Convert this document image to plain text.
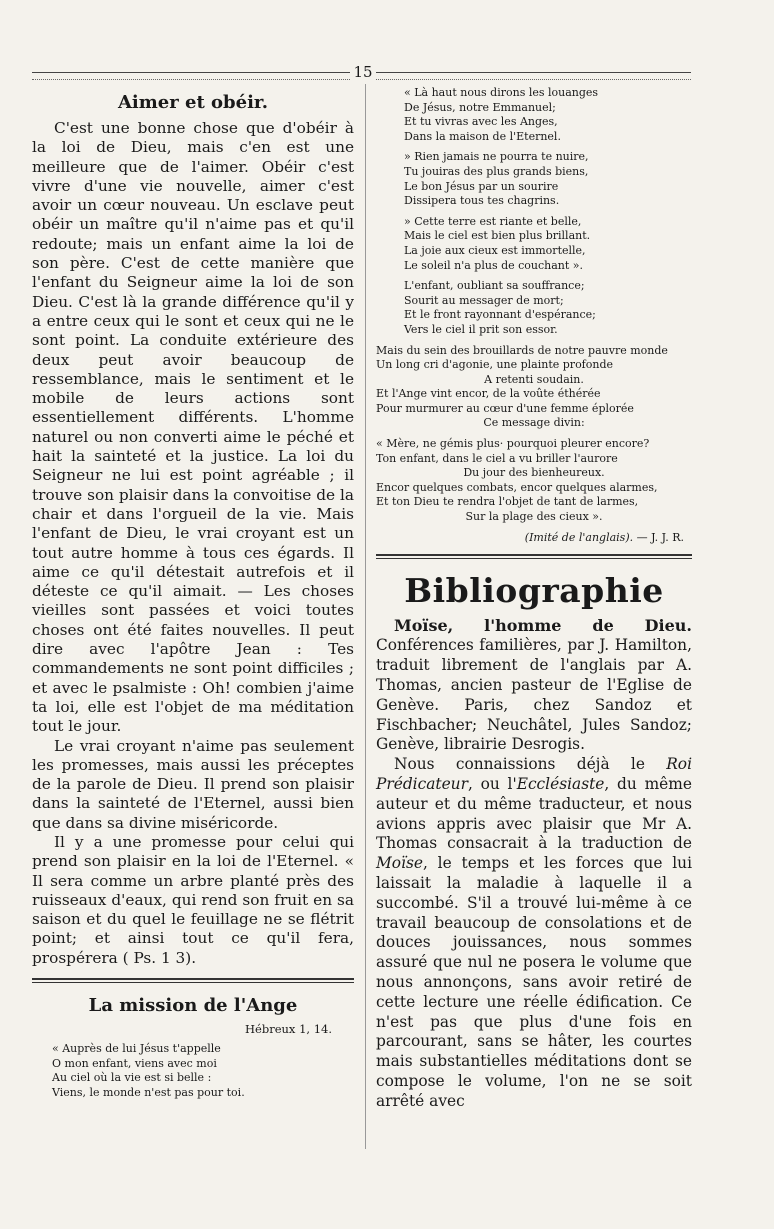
15
Aimer et obéir.

C'est une bonne chose que d'obéir à la loi de Dieu, mais c'en est une meilleure que de l'aimer. Obéir c'est vivre d'une vie nouvelle, aimer c'est avoir un cœur nouveau. Un esclave peut obéir un maître qu'il n'aime pas et qu'il redoute; mais un enfant aime la loi de son père. C'est de cette manière que l'enfant du Seigneur aime la loi de son Dieu. C'est là la grande différence qu'il y a entre ceux qui le sont et ceux qui ne le sont point. La conduite extérieure des deux peut avoir beaucoup de ressemblance, mais le sentiment et le mobile de leurs actions sont essentiellement différents. L'homme naturel ou non converti aime le péché et hait la sainteté et la justice. La loi du Seigneur ne lui est point agréable ; il trouve son plaisir dans la convoitise de la chair et dans l'orgueil de la vie. Mais l'enfant de Dieu, le vrai croyant est un tout autre homme à tous ces égards. Il aime ce qu'il détestait autrefois et il déteste ce qu'il aimait. — Les choses vieilles sont passées et voici toutes choses ont été faites nouvelles. Il peut dire avec l'apôtre Jean : Tes commandements ne sont point difficiles ; et avec le psalmiste : Oh! combien j'aime ta loi, elle est l'objet de ma méditation tout le jour.

Le vrai croyant n'aime pas seulement les promesses, mais aussi les préceptes de la parole de Dieu. Il prend son plaisir dans la sainteté de l'Eternel, aussi bien que dans sa divine miséricorde.

Il y a une promesse pour celui qui prend son plaisir en la loi de l'Eternel. « Il sera comme un arbre planté près des ruisseaux d'eaux, qui rend son fruit en sa saison et du quel le feuillage ne se flétrit point; et ainsi tout ce qu'il fera, prospérera ( Ps. 1 3).

La mission de l'Ange
Hébreux 1, 14.
« Auprès de lui Jésus t'appelle
O mon enfant, viens avec moi
Au ciel où la vie est si belle :
Viens, le monde n'est pas pour toi.
« Là haut nous dirons les louanges
De Jésus, notre Emmanuel;
Et tu vivras avec les Anges,
Dans la maison de l'Eternel.
» Rien jamais ne pourra te nuire,
Tu jouiras des plus grands biens,
Le bon Jésus par un sourire
Dissipera tous tes chagrins.
» Cette terre est riante et belle,
Mais le ciel est bien plus brillant.
La joie aux cieux est immortelle,
Le soleil n'a plus de couchant ».
L'enfant, oubliant sa souffrance;
Sourit au messager de mort;
Et le front rayonnant d'espérance;
Vers le ciel il prit son essor.
Mais du sein des brouillards de notre pauvre monde
Un long cri d'agonie, une plainte profonde
A retenti soudain.
Et l'Ange vint encor, de la voûte éthérée
Pour murmurer au cœur d'une femme éplorée
Ce message divin:
« Mère, ne gémis plus· pourquoi pleurer encore?
Ton enfant, dans le ciel a vu briller l'aurore
Du jour des bienheureux.
Encor quelques combats, encor quelques alarmes,
Et ton Dieu te rendra l'objet de tant de larmes,
Sur la plage des cieux ».
(Imité de l'anglais). — J. J. R.
Bibliographie

Moïse, l'homme de Dieu. Conférences familières, par J. Hamilton, traduit librement de l'anglais par A. Thomas, ancien pasteur de l'Eglise de Genève. Paris, chez Sandoz et Fischbacher; Neuchâtel, Jules Sandoz; Genève, librairie Desrogis.

Nous connaissions déjà le Roi Prédicateur, ou l'Ecclésiaste, du même auteur et du même traducteur, et nous avions appris avec plaisir que Mr A. Thomas consacrait à la traduction de Moïse, le temps et les forces que lui laissait la maladie à laquelle il a succombé. S'il a trouvé lui-même à ce travail beaucoup de consolations et de douces jouissances, nous sommes assuré que nul ne posera le volume que nous annonçons, sans avoir retiré de cette lecture une réelle édification. Ce n'est pas que plus d'une fois en parcourant, sans se hâter, les courtes mais substantielles méditations dont se compose le volume, l'on ne se soit arrêté avec
